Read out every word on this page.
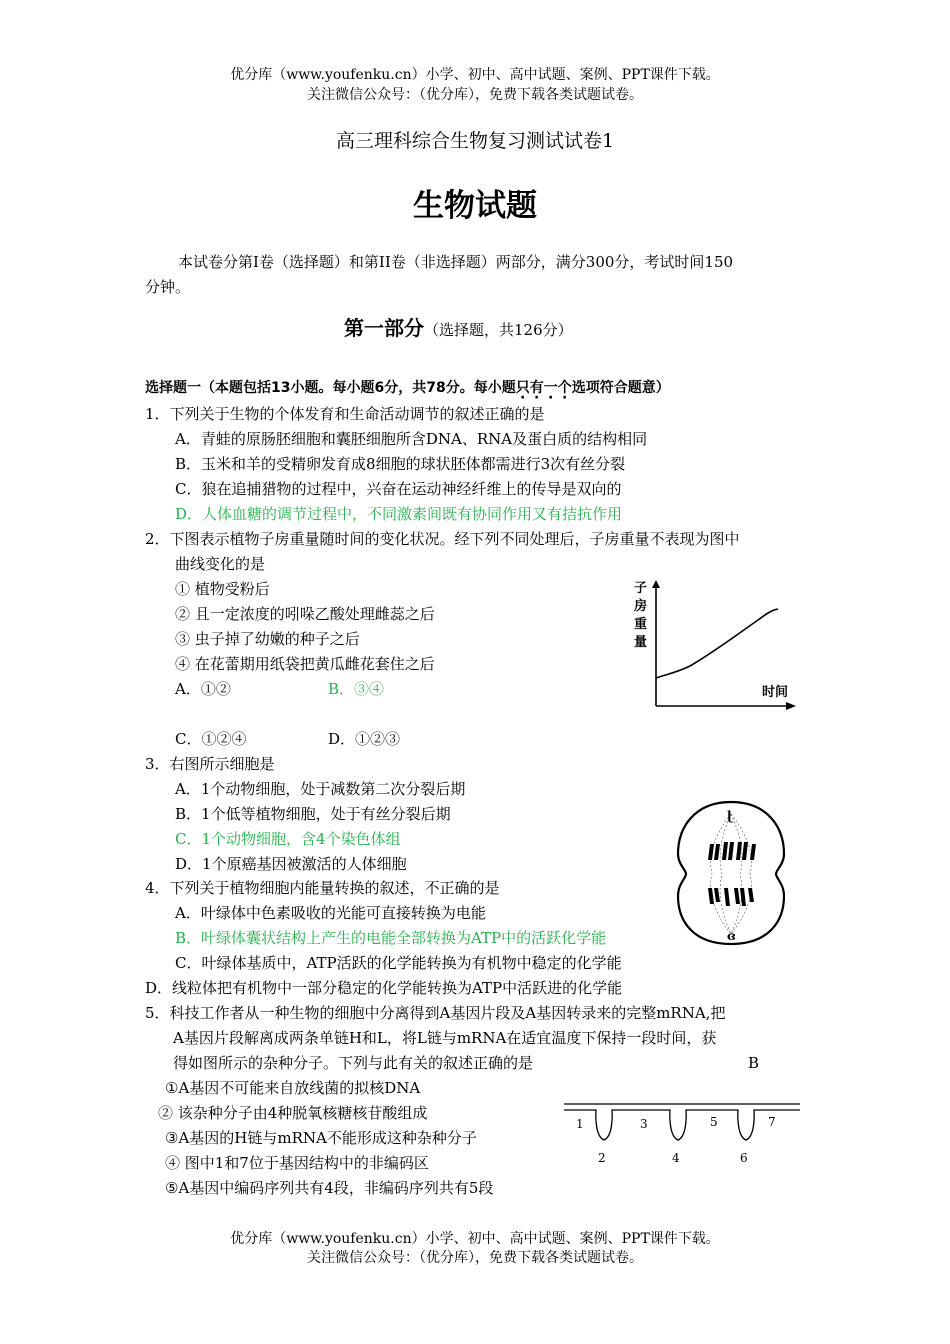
优分库（www.youfenku.cn）小学、初中、高中试题、案例、PPT课件下载。
关注微信公众号：（优分库），免费下载各类试题试卷。
高三理科综合生物复习测试试卷1
生物试题
本试卷分第I卷（选择题）和第II卷（非选择题）两部分，满分300分，考试时间150
分钟。
第一部分（选择题，共126分）
选择题一（本题包括13小题。每小题6分，共78分。每小题只有一个选项符合题意）
1．下列关于生物的个体发育和生命活动调节的叙述正确的是
A．青蛙的原肠胚细胞和囊胚细胞所含DNA、RNA及蛋白质的结构相同
B．玉米和羊的受精卵发育成8细胞的球状胚体都需进行3次有丝分裂
C．狼在追捕猎物的过程中，兴奋在运动神经纤维上的传导是双向的
D．人体血糖的调节过程中，不同激素间既有协同作用又有拮抗作用
2．下图表示植物子房重量随时间的变化状况。经下列不同处理后，子房重量不表现为图中
曲线变化的是
① 植物受粉后
② 且一定浓度的吲哚乙酸处理雌蕊之后
③ 虫子掉了幼嫩的种子之后
④ 在花蕾期用纸袋把黄瓜雌花套住之后
A．①②	B．③④
C．①②④	D．①②③
子
房
重
量
时间
3．右图所示细胞是
A．1个动物细胞，处于减数第二次分裂后期
B．1个低等植物细胞，处于有丝分裂后期
C．1个动物细胞，含4个染色体组
D．1个原癌基因被激活的人体细胞
ɭ
ɞ
4．下列关于植物细胞内能量转换的叙述，不正确的是
A．叶绿体中色素吸收的光能可直接转换为电能
B．叶绿体囊状结构上产生的电能全部转换为ATP中的活跃化学能
C．叶绿体基质中，ATP活跃的化学能转换为有机物中稳定的化学能
D．线粒体把有机物中一部分稳定的化学能转换为ATP中活跃进的化学能
5．科技工作者从一种生物的细胞中分离得到A基因片段及A基因转录来的完整mRNA,把
A基因片段解离成两条单链H和L，将L链与mRNA在适宜温度下保持一段时间，获
得如图所示的杂种分子。下列与此有关的叙述正确的是	B
①A基因不可能来自放线菌的拟核DNA
② 该杂种分子由4种脱氧核糖核苷酸组成
③A基因的H链与mRNA不能形成这种杂种分子
④ 图中1和7位于基因结构中的非编码区
⑤A基因中编码序列共有4段，非编码序列共有5段
1
2
3
4
5
6
7
优分库（www.youfenku.cn）小学、初中、高中试题、案例、PPT课件下载。
关注微信公众号：（优分库），免费下载各类试题试卷。
